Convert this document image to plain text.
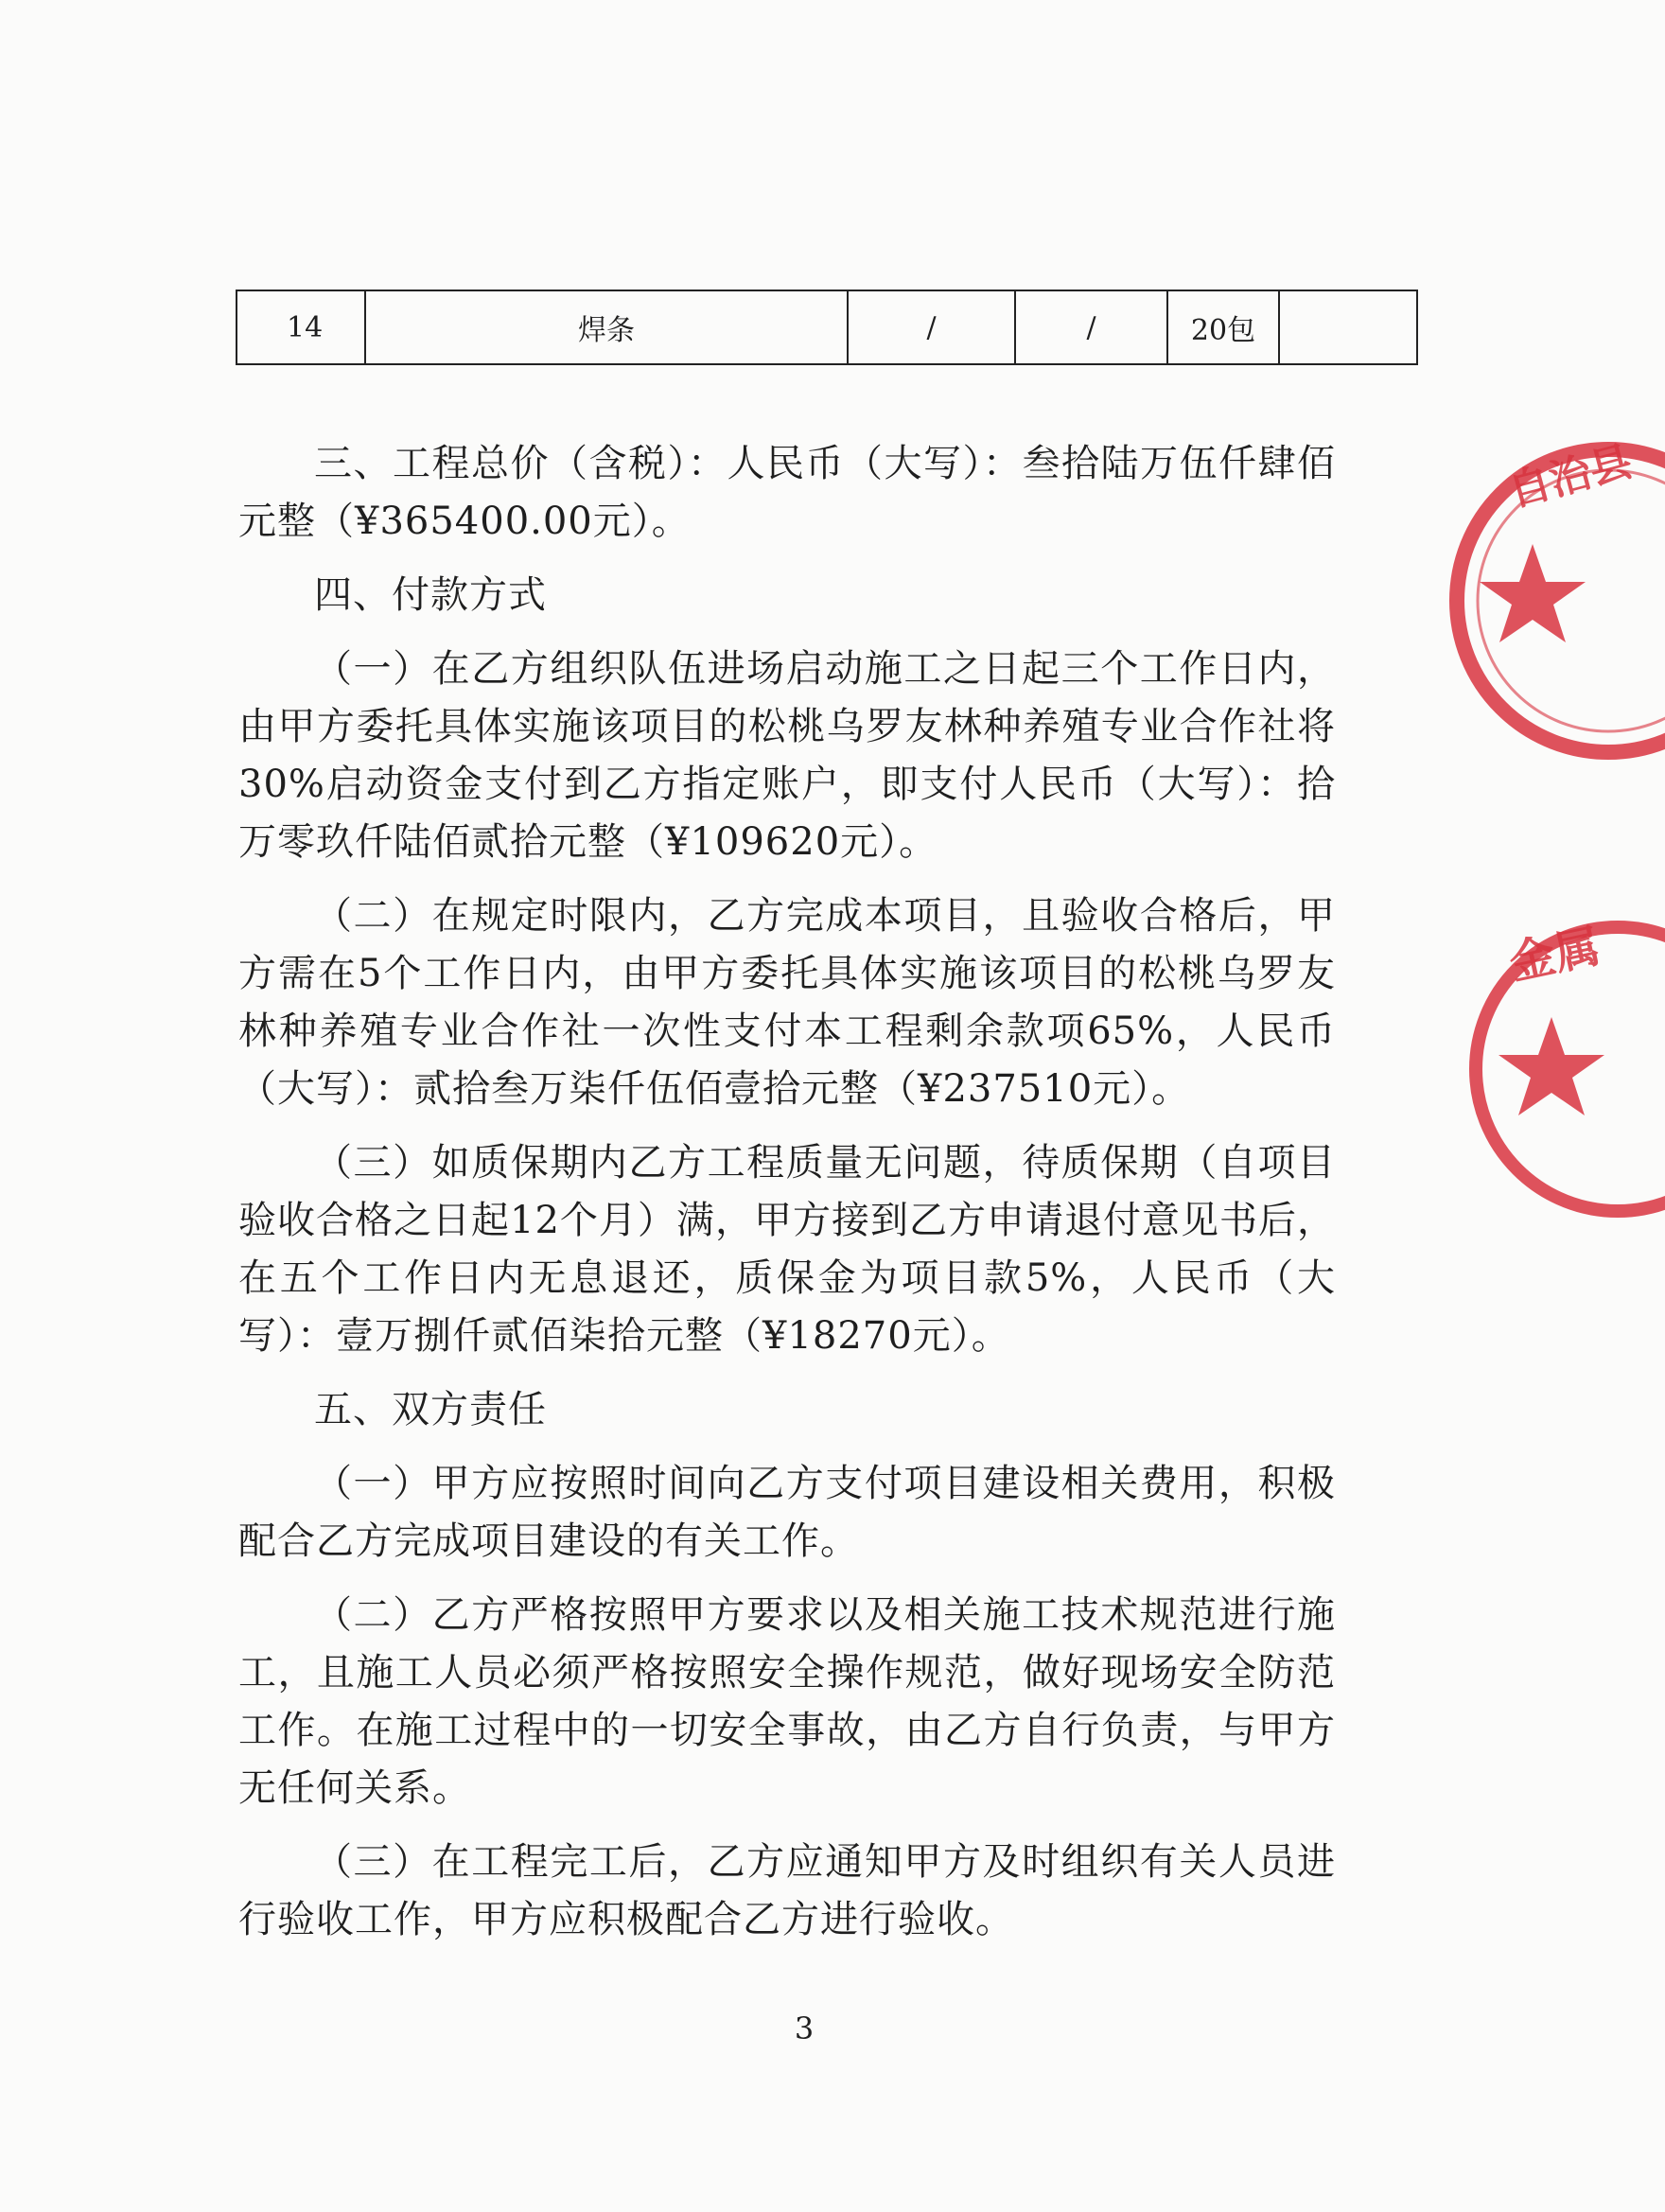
14	焊条	/	/	20包	

三、工程总价（含税）：人民币（大写）：叁拾陆万伍仟肆佰元整（¥365400.00元）。

四、付款方式

（一）在乙方组织队伍进场启动施工之日起三个工作日内，由甲方委托具体实施该项目的松桃乌罗友林种养殖专业合作社将30%启动资金支付到乙方指定账户，即支付人民币（大写）：拾万零玖仟陆佰贰拾元整（¥109620元）。

（二）在规定时限内，乙方完成本项目，且验收合格后，甲方需在5个工作日内，由甲方委托具体实施该项目的松桃乌罗友林种养殖专业合作社一次性支付本工程剩余款项65%，人民币（大写）：贰拾叁万柒仟伍佰壹拾元整（¥237510元）。

（三）如质保期内乙方工程质量无问题，待质保期（自项目验收合格之日起12个月）满，甲方接到乙方申请退付意见书后，在五个工作日内无息退还，质保金为项目款5%，人民币（大写）：壹万捌仟贰佰柒拾元整（¥18270元）。

五、双方责任

（一）甲方应按照时间向乙方支付项目建设相关费用，积极配合乙方完成项目建设的有关工作。

（二）乙方严格按照甲方要求以及相关施工技术规范进行施工，且施工人员必须严格按照安全操作规范，做好现场安全防范工作。在施工过程中的一切安全事故，由乙方自行负责，与甲方无任何关系。

（三）在工程完工后，乙方应通知甲方及时组织有关人员进行验收工作，甲方应积极配合乙方进行验收。

3
自治县
金属
